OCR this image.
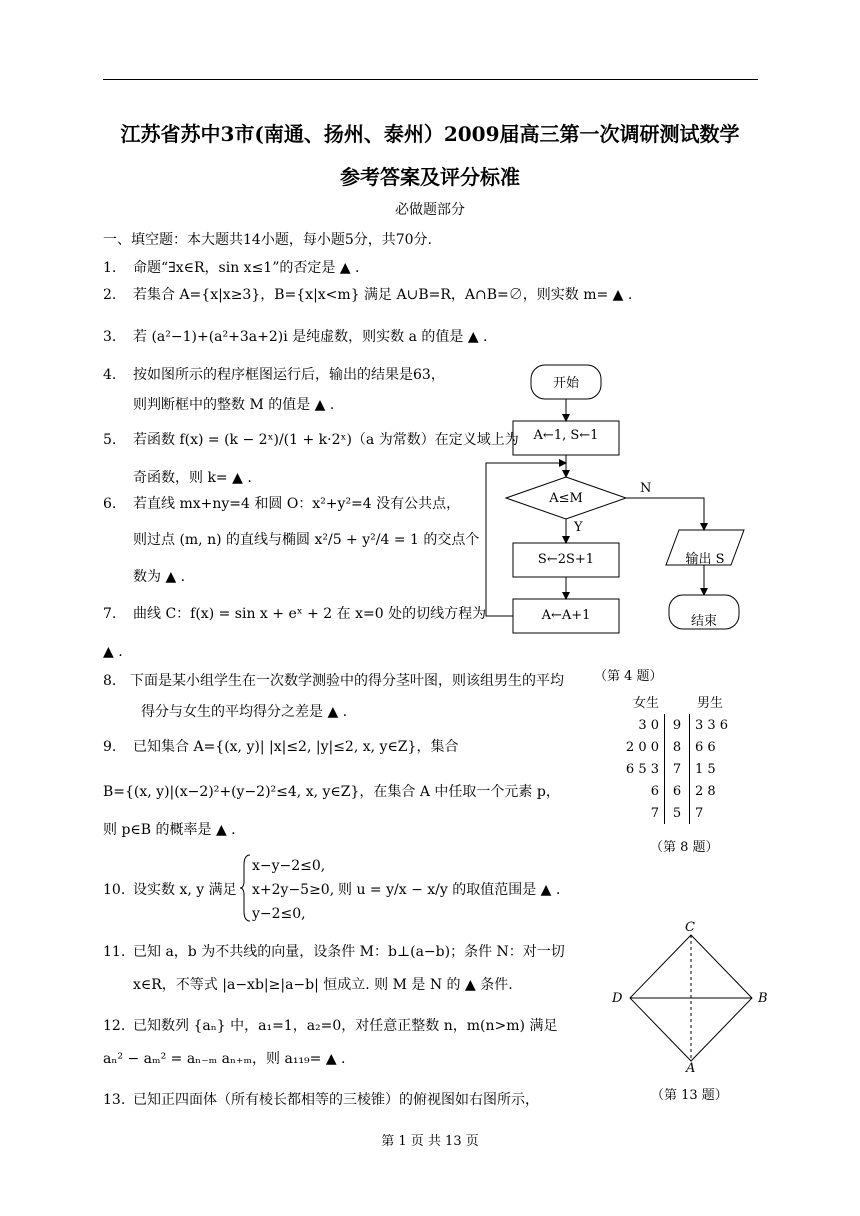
江苏省苏中3市(南通、扬州、泰州）2009届高三第一次调研测试数学
参考答案及评分标准
必做题部分
一、填空题：本大题共14小题，每小题5分，共70分.
1. 命题“∃x∈R，sin x≤1”的否定是 ▲ .
2. 若集合 A={x|x≥3}，B={x|x<m} 满足 A∪B=R，A∩B=∅，则实数 m= ▲ .
3. 若 (a²−1)+(a²+3a+2)i 是纯虚数，则实数 a 的值是 ▲ .
4. 按如图所示的程序框图运行后，输出的结果是63，
则判断框中的整数 M 的值是 ▲ .
5. 若函数 f(x) = (k − 2ˣ)/(1 + k·2ˣ)（a 为常数）在定义域上为
奇函数，则 k= ▲ .
6. 若直线 mx+ny=4 和圆 O：x²+y²=4 没有公共点，
则过点 (m, n) 的直线与椭圆 x²/5 + y²/4 = 1 的交点个
数为 ▲ .
7. 曲线 C：f(x) = sin x + eˣ + 2 在 x=0 处的切线方程为
▲ .
8. 下面是某小组学生在一次数学测验中的得分茎叶图，则该组男生的平均
得分与女生的平均得分之差是 ▲ .
9. 已知集合 A={(x, y)| |x|≤2, |y|≤2, x, y∈Z}，集合
B={(x, y)|(x−2)²+(y−2)²≤4, x, y∈Z}，在集合 A 中任取一个元素 p，
则 p∈B 的概率是 ▲ .
10. 设实数 x, y 满足
x−y−2≤0,
x+2y−5≥0,
y−2≤0,
则 u = y/x − x/y 的取值范围是 ▲ .
11. 已知 a，b 为不共线的向量，设条件 M：b⊥(a−b)；条件 N：对一切
x∈R，不等式 |a−xb|≥|a−b| 恒成立. 则 M 是 N 的 ▲ 条件.
12. 已知数列 {aₙ} 中，a₁=1，a₂=0，对任意正整数 n，m(n>m) 满足
aₙ² − aₘ² = aₙ₋ₘ aₙ₊ₘ，则 a₁₁₉= ▲ .
13. 已知正四面体（所有棱长都相等的三棱锥）的俯视图如右图所示，
开始
A←1, S←1
A≤M
Y
N
S←2S+1
A←A+1
输出 S
结束
（第 4 题）
女生	男生
3 0	9	3 3 6
2 0 0	8	6 6
6 5 3	7	1 5
6	6	2 8
7	5	7
（第 8 题）
C
D	B
A
（第 13 题）
第 1 页 共 13 页
